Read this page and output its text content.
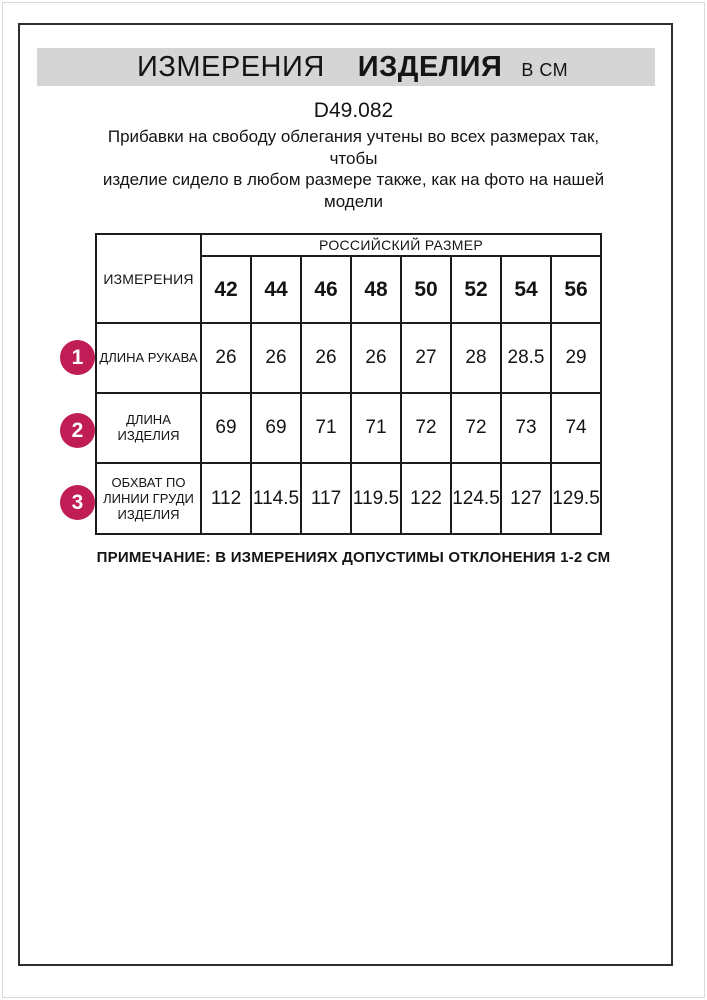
ИЗМЕРЕНИЯ ИЗДЕЛИЯ В СМ
D49.082
Прибавки на свободу облегания учтены во всех размерах так, чтобы
изделие сидело в любом размере также, как на фото на нашей
модели
ИЗМЕРЕНИЯ	РОССИЙСКИЙ РАЗМЕР							
	42	44	46	48	50	52	54	56
ДЛИНА РУКАВА	26	26	26	26	27	28	28.5	29
ДЛИНА
ИЗДЕЛИЯ	69	69	71	71	72	72	73	74
ОБХВАТ ПО
ЛИНИИ ГРУДИ
ИЗДЕЛИЯ	112	114.5	117	119.5	122	124.5	127	129.5
1
2
3
ПРИМЕЧАНИЕ: В ИЗМЕРЕНИЯХ ДОПУСТИМЫ ОТКЛОНЕНИЯ 1-2 СМ
